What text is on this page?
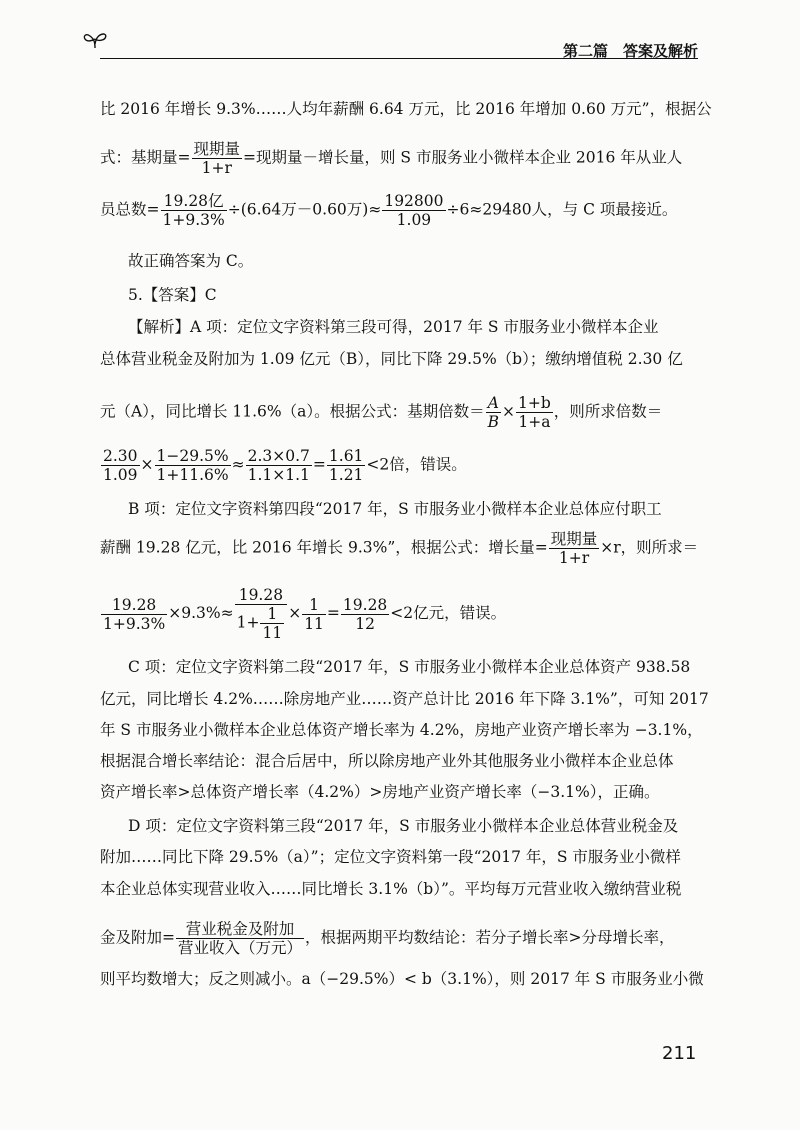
第二篇　答案及解析
比 2016 年增长 9.3%……人均年薪酬 6.64 万元，比 2016 年增加 0.60 万元”，根据公
式：基期量= $\frac{\text{现期量}}{1+r}$ =现期量－增长量，则 S 市服务业小微样本企业 2016 年从业人
员总数= $\frac{\text{19.28亿}}{1+9.3\%} \div(6.64$万－0.60万)≈ $\frac{192800}{1.09} \div 6\approx 29480$人，与 C 项最接近。
故正确答案为 C。
5.【答案】C
【解析】A 项：定位文字资料第三段可得，2017 年 S 市服务业小微样本企业
总体营业税金及附加为 1.09 亿元（B），同比下降 29.5%（b）；缴纳增值税 2.30 亿
元（A），同比增长 11.6%（a）。根据公式：基期倍数＝ $\frac{A}{B} \times \frac{1+b}{1+a}$ ，则所求倍数＝
$\frac{2.30}{1.09} \times \frac{1-29.5\%}{1+11.6\%} \approx \frac{2.3\times 0.7}{1.1\times 1.1} = \frac{1.61}{1.21} <2$倍，错误。
B 项：定位文字资料第四段“2017 年，S 市服务业小微样本企业总体应付职工
薪酬 19.28 亿元，比 2016 年增长 9.3%”，根据公式：增长量= $\frac{\text{现期量}}{1+r} \times r$，则所求＝
$\frac{19.28}{1+9.3\%} \times 9.3\%\approx \frac{19.28}{1+ \frac{1}{11}} \times \frac{1}{11} = \frac{19.28}{12} <2$亿元，错误。
C 项：定位文字资料第二段“2017 年，S 市服务业小微样本企业总体资产 938.58
亿元，同比增长 4.2%……除房地产业……资产总计比 2016 年下降 3.1%”，可知 2017
年 S 市服务业小微样本企业总体资产增长率为 4.2%，房地产业资产增长率为 −3.1%，
根据混合增长率结论：混合后居中，所以除房地产业外其他服务业小微样本企业总体
资产增长率>总体资产增长率（4.2%）>房地产业资产增长率（−3.1%），正确。
D 项：定位文字资料第三段“2017 年，S 市服务业小微样本企业总体营业税金及
附加……同比下降 29.5%（a）”；定位文字资料第一段“2017 年，S 市服务业小微样
本企业总体实现营业收入……同比增长 3.1%（b）”。平均每万元营业收入缴纳营业税
金及附加= $\frac{\text{营业税金及附加}}{\text{营业收入（万元）}}$ ，根据两期平均数结论：若分子增长率>分母增长率，
则平均数增大；反之则减小。a（−29.5%）< b（3.1%），则 2017 年 S 市服务业小微
211
